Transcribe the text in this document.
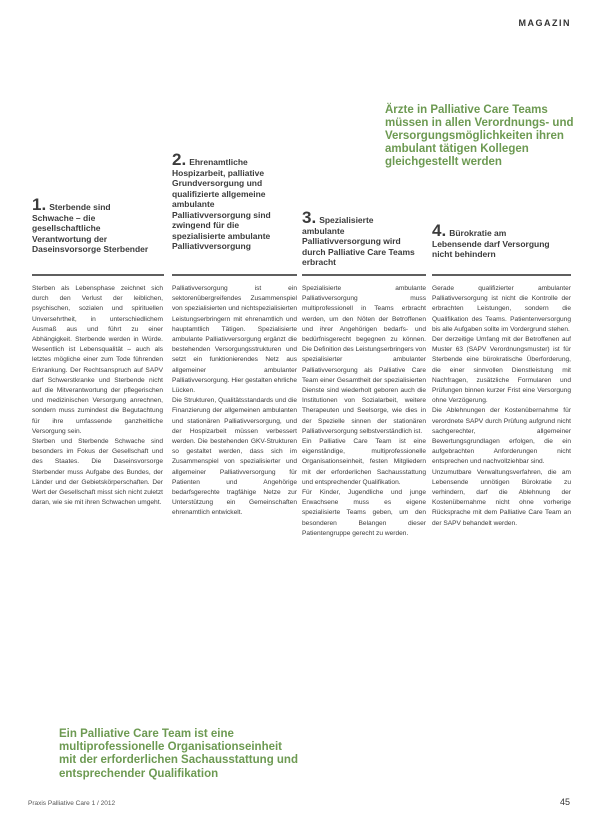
MAGAZIN
Ärzte in Palliative Care Teams müssen in allen Verordnungs- und Versorgungsmöglichkeiten ihren ambulant tätigen Kollegen gleichgestellt werden
1. Sterbende sind Schwache – die gesellschaftliche Verantwortung der Daseinsvorsorge Sterbender
2. Ehrenamtliche Hospizarbeit, palliative Grundversorgung und qualifizierte allgemeine ambulante Palliativversorgung sind zwingend für die spezialisierte ambulante Palliativversorgung
3. Spezialisierte ambulante Palliativversorgung wird durch Palliative Care Teams erbracht
4. Bürokratie am Lebensende darf Versorgung nicht behindern

Sterben als Lebensphase zeichnet sich durch den Verlust der leiblichen, psychischen, sozialen und spirituellen Unversehrtheit, in unterschiedlichem Ausmaß aus und führt zu einer Abhängigkeit. Sterbende werden in Würde. Wesentlich ist Lebensqualität – auch als letztes mögliche einer zum Tode führenden Erkrankung. Der Rechtsanspruch auf SAPV darf Schwerstkranke und Sterbende nicht auf die Mitverantwortung der pflegerischen und medizinischen Versorgung anrechnen, sondern muss zumindest die Begutachtung für ihre umfassende ganzheitliche Versorgung sein.

Sterben und Sterbende Schwache sind besonders im Fokus der Gesellschaft und des Staates. Die Daseinsvorsorge Sterbender muss Aufgabe des Bundes, der Länder und der Gebietskörperschaften. Der Wert der Gesellschaft misst sich nicht zuletzt daran, wie sie mit ihren Schwachen umgeht.

Palliativversorgung ist ein sektorenübergreifendes Zusammenspiel von spezialisierten und nichtspezialisierten Leistungserbringern mit ehrenamtlich und hauptamtlich Tätigen. Spezialisierte ambulante Palliativversorgung ergänzt die bestehenden Versorgungsstrukturen und setzt ein funktionierendes Netz aus allgemeiner ambulanter Palliativversorgung. Hier gestalten ehrliche Lücken.

Die Strukturen, Qualitätsstandards und die Finanzierung der allgemeinen ambulanten und stationären Palliativversorgung, und der Hospizarbeit müssen verbessert werden. Die bestehenden GKV-Strukturen so gestaltet werden, dass sich im Zusammenspiel von spezialisierter und allgemeiner Palliativversorgung für Patienten und Angehörige bedarfsgerechte tragfähige Netze zur Unterstützung ein Gemeinschaften ehrenamtlich entwickelt.

Spezialisierte ambulante Palliativversorgung muss multiprofessionell in Teams erbracht werden, um den Nöten der Betroffenen und ihrer Angehörigen bedarfs- und bedürfnisgerecht begegnen zu können. Die Definition des Leistungserbringers von spezialisierter ambulanter Palliativversorgung als Palliative Care Team einer Gesamtheit der spezialisierten Dienste sind wiederholt geboren auch die Institutionen von Sozialarbeit, weitere Therapeuten und Seelsorge, wie dies in der Spezielle sinnen der stationären Palliativversorgung selbstverständlich ist.

Ein Palliative Care Team ist eine eigenständige, multiprofessionelle Organisationseinheit, festen Mitgliedern mit der erforderlichen Sachausstattung und entsprechender Qualifikation.

Für Kinder, Jugendliche und junge Erwachsene muss es eigene spezialisierte Teams geben, um den besonderen Belangen dieser Patientengruppe gerecht zu werden.

Gerade qualifizierter ambulanter Palliativversorgung ist nicht die Kontrolle der erbrachten Leistungen, sondern die Qualifikation des Teams. Patientenversorgung bis alle Aufgaben sollte im Vordergrund stehen.

Der derzeitige Umfang mit der Betroffenen auf Muster 63 (SAPV Verordnungsmuster) ist für Sterbende eine bürokratische Überforderung, die einer sinnvollen Dienstleistung mit Nachfragen, zusätzliche Formularen und Prüfungen binnen kurzer Frist eine Versorgung ohne Verzögerung.

Die Ablehnungen der Kostenübernahme für verordnete SAPV durch Prüfung aufgrund nicht sachgerechter, allgemeiner Bewertungsgrundlagen erfolgen, die ein aufgebrachten Anforderungen nicht entsprechen und nachvollziehbar sind.

Unzumutbare Verwaltungsverfahren, die am Lebensende unnötigen Bürokratie zu verhindern, darf die Ablehnung der Kostenübernahme nicht ohne vorherige Rücksprache mit dem Palliative Care Team an der SAPV behandelt werden.

Ein Palliative Care Team ist eine multiprofessionelle Organisationseinheit mit der erforderlichen Sachausstattung und entsprechender Qualifikation
Praxis Palliative Care 1 / 2012	45
